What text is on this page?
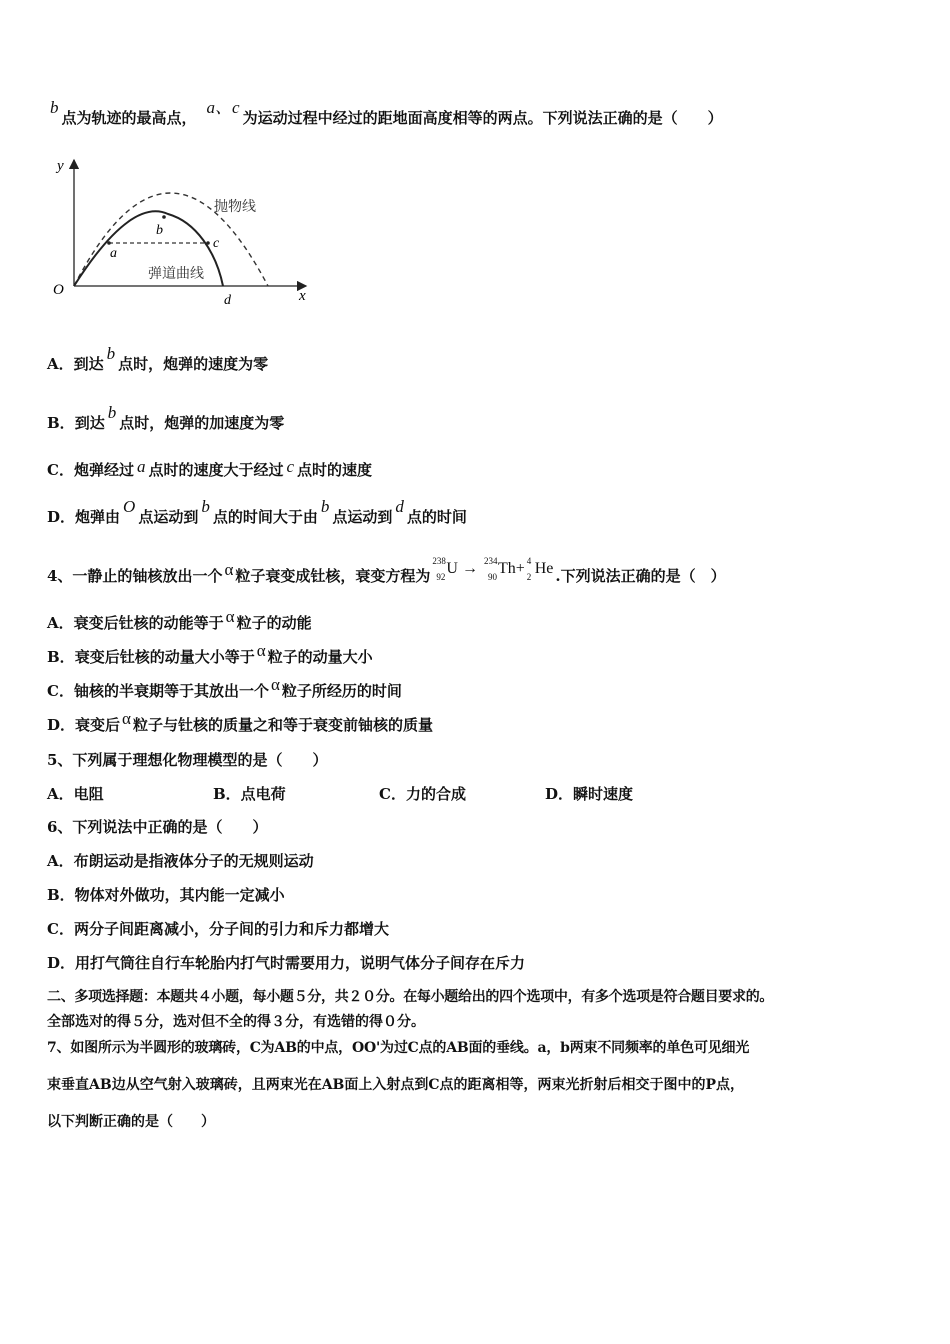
b点为轨迹的最高点，a、c为运动过程中经过的距地面高度相等的两点。下列说法正确的是（　　）
y
x
O
抛物线
弹道曲线
a
b
c
d
A．到达b点时，炮弹的速度为零
B．到达b点时，炮弹的加速度为零
C．炮弹经过 a 点时的速度大于经过 c 点时的速度
D．炮弹由O点运动到b点的时间大于由b点运动到d点的时间
4、一静止的铀核放出一个 α 粒子衰变成钍核，衰变方程为
238
92 U → 234
90 Th+ 4
2 He .下列说法正确的是（　）
A．衰变后钍核的动能等于 α 粒子的动能
B．衰变后钍核的动量大小等于 α 粒子的动量大小
C．铀核的半衰期等于其放出一个 α 粒子所经历的时间
D．衰变后 α 粒子与钍核的质量之和等于衰变前铀核的质量
5、下列属于理想化物理模型的是（　　）
A．电阻	B．点电荷	C．力的合成	D．瞬时速度
6、下列说法中正确的是（　　）
A．布朗运动是指液体分子的无规则运动
B．物体对外做功，其内能一定减小
C．两分子间距离减小，分子间的引力和斥力都增大
D．用打气筒往自行车轮胎内打气时需要用力，说明气体分子间存在斥力
二、多项选择题：本题共４小题，每小题５分，共２０分。在每小题给出的四个选项中，有多个选项是符合题目要求的。
全部选对的得５分，选对但不全的得３分，有选错的得０分。
7、如图所示为半圆形的玻璃砖，C为AB的中点，OO'为过C点的AB面的垂线。a，b两束不同频率的单色可见细光
束垂直AB边从空气射入玻璃砖，且两束光在AB面上入射点到C点的距离相等，两束光折射后相交于图中的P点，
以下判断正确的是（　　）
